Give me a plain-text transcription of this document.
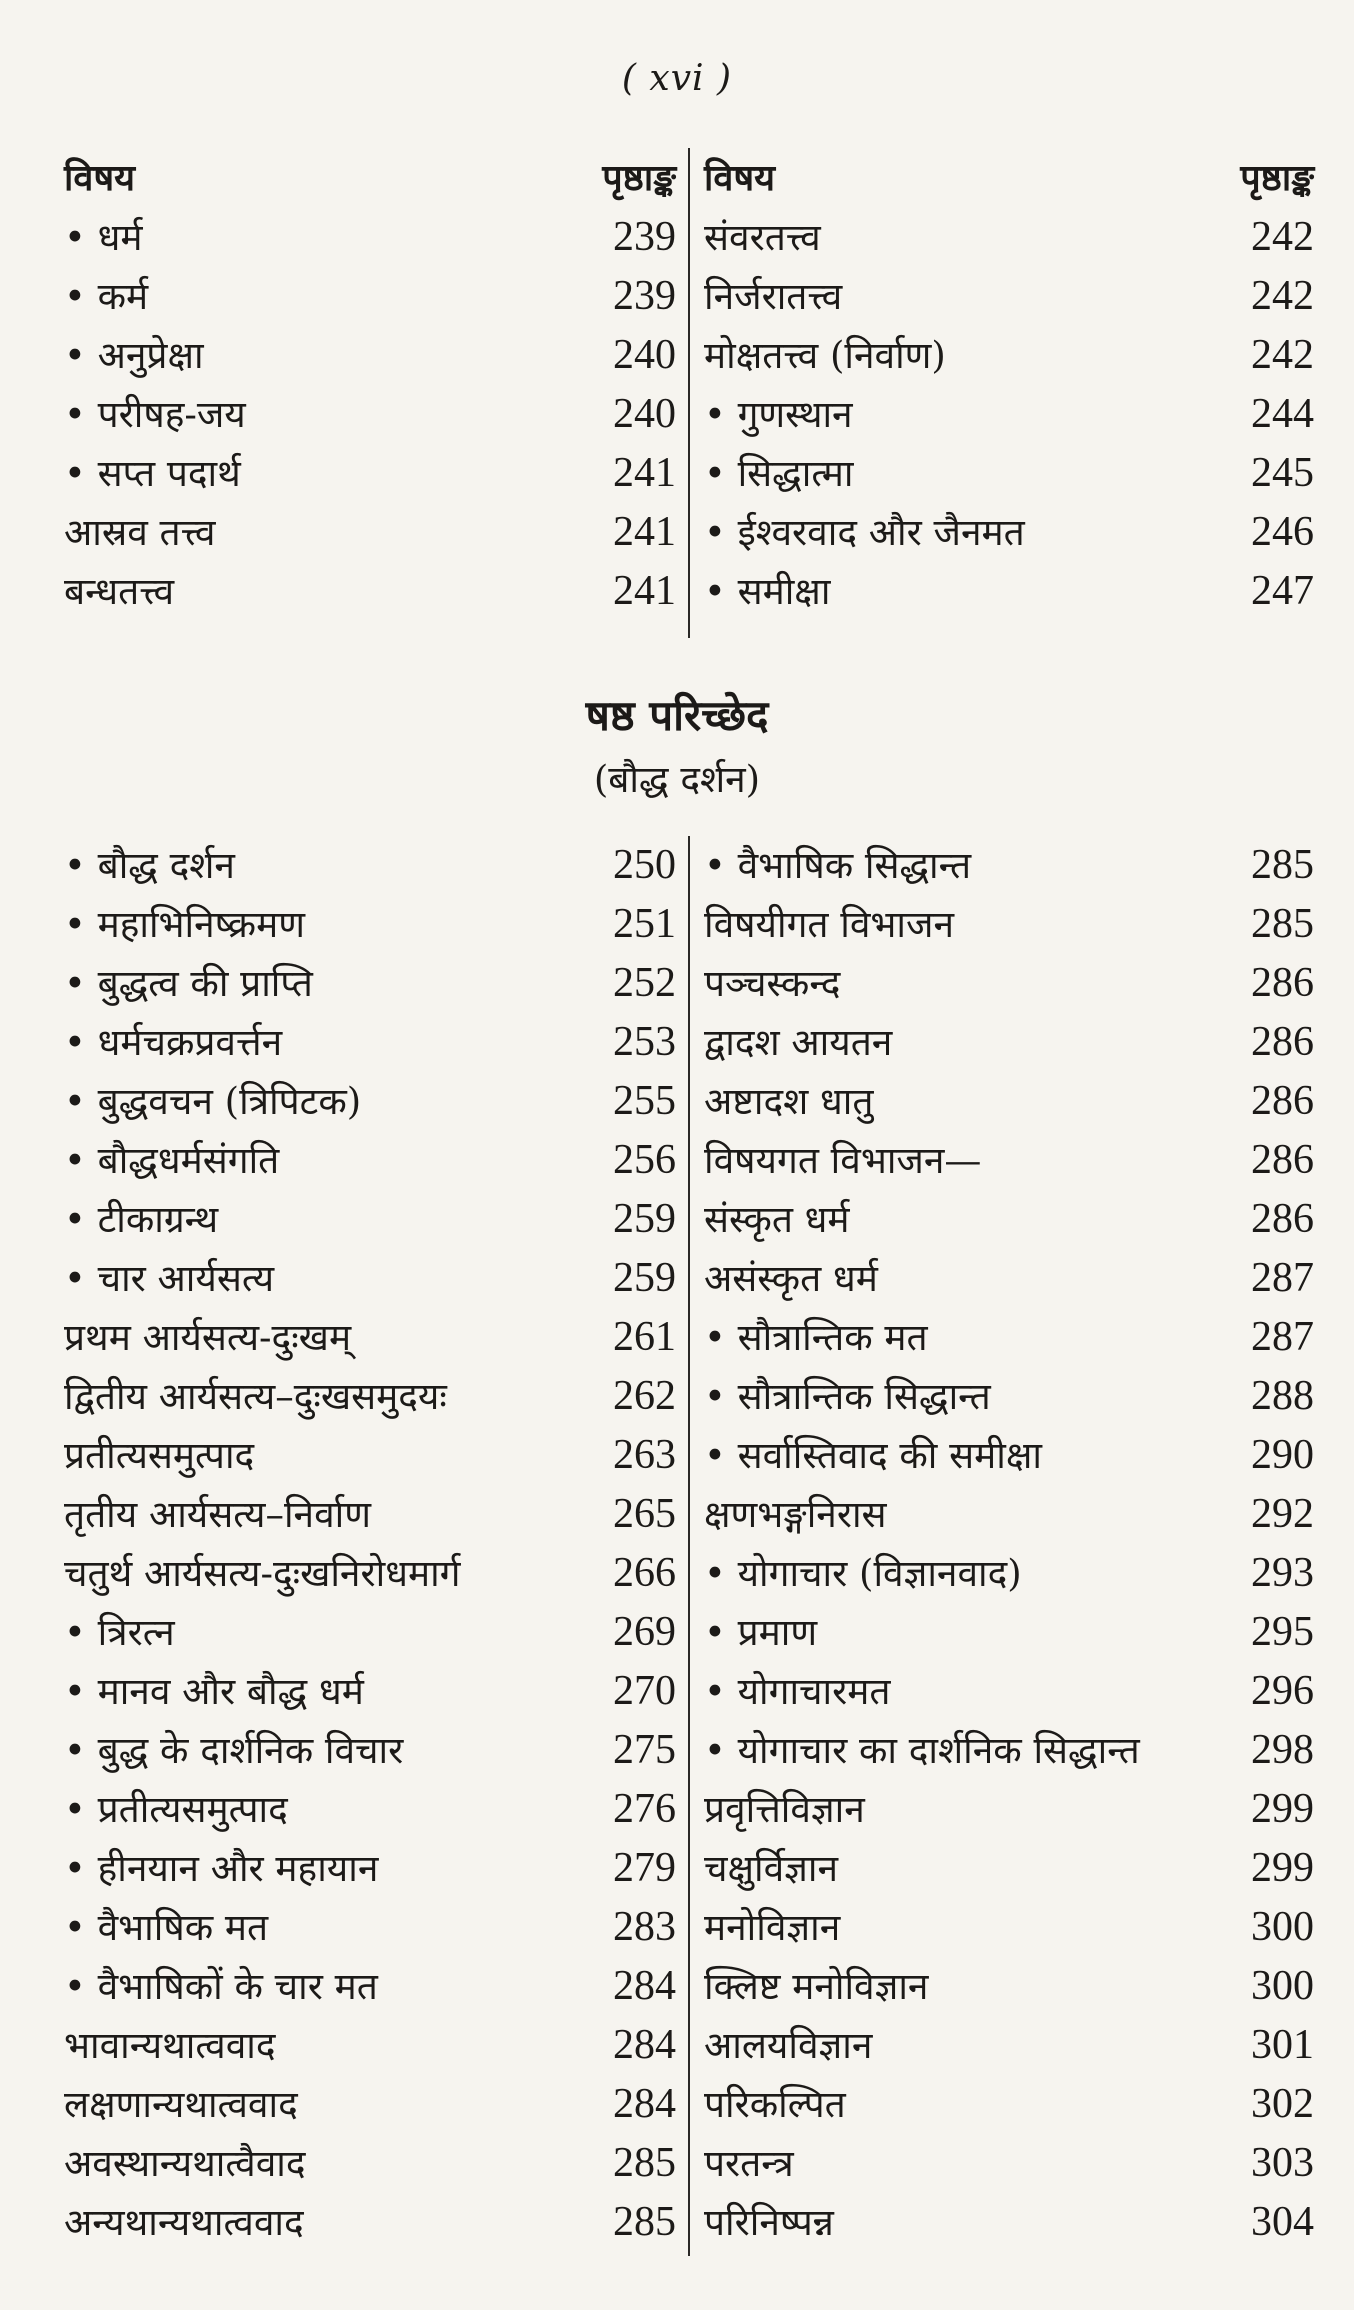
( xvi )
विषय	पृष्ठाङ्क
• धर्म	239
• कर्म	239
• अनुप्रेक्षा	240
• परीषह-जय	240
• सप्त पदार्थ	241
आस्रव तत्त्व	241
बन्धतत्त्व	241
विषय	पृष्ठाङ्क
संवरतत्त्व	242
निर्जरातत्त्व	242
मोक्षतत्त्व (निर्वाण)	242
• गुणस्थान	244
• सिद्धात्मा	245
• ईश्वरवाद और जैनमत	246
• समीक्षा	247
षष्ठ परिच्छेद
(बौद्ध दर्शन)
• बौद्ध दर्शन	250
• महाभिनिष्क्रमण	251
• बुद्धत्व की प्राप्ति	252
• धर्मचक्रप्रवर्त्तन	253
• बुद्धवचन (त्रिपिटक)	255
• बौद्धधर्मसंगति	256
• टीकाग्रन्थ	259
• चार आर्यसत्य	259
प्रथम आर्यसत्य-दुःखम्	261
द्वितीय आर्यसत्य–दुःखसमुदयः	262
प्रतीत्यसमुत्पाद	263
तृतीय आर्यसत्य–निर्वाण	265
चतुर्थ आर्यसत्य-दुःखनिरोधमार्ग	266
• त्रिरत्न	269
• मानव और बौद्ध धर्म	270
• बुद्ध के दार्शनिक विचार	275
• प्रतीत्यसमुत्पाद	276
• हीनयान और महायान	279
• वैभाषिक मत	283
• वैभाषिकों के चार मत	284
भावान्यथात्ववाद	284
लक्षणान्यथात्ववाद	284
अवस्थान्यथात्वैवाद	285
अन्यथान्यथात्ववाद	285
• वैभाषिक सिद्धान्त	285
विषयीगत विभाजन	285
पञ्चस्कन्द	286
द्वादश आयतन	286
अष्टादश धातु	286
विषयगत विभाजन—	286
संस्कृत धर्म	286
असंस्कृत धर्म	287
• सौत्रान्तिक मत	287
• सौत्रान्तिक सिद्धान्त	288
• सर्वास्तिवाद की समीक्षा	290
क्षणभङ्गनिरास	292
• योगाचार (विज्ञानवाद)	293
• प्रमाण	295
• योगाचारमत	296
• योगाचार का दार्शनिक सिद्धान्त	298
प्रवृत्तिविज्ञान	299
चक्षुर्विज्ञान	299
मनोविज्ञान	300
क्लिष्ट मनोविज्ञान	300
आलयविज्ञान	301
परिकल्पित	302
परतन्त्र	303
परिनिष्पन्न	304
